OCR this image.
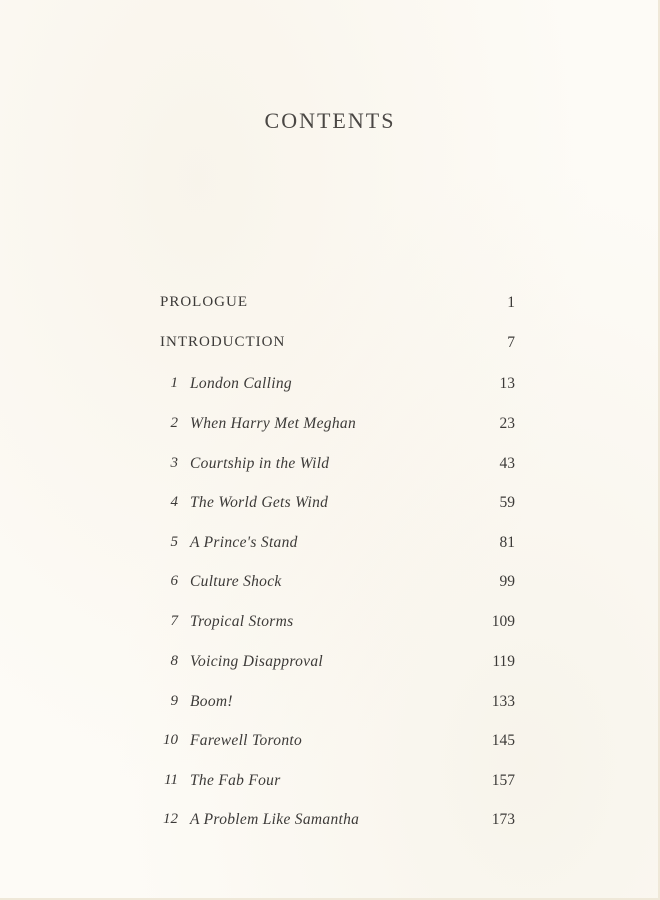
CONTENTS
PROLOGUE	1
INTRODUCTION	7
1 London Calling	13
2 When Harry Met Meghan	23
3 Courtship in the Wild	43
4 The World Gets Wind	59
5 A Prince's Stand	81
6 Culture Shock	99
7 Tropical Storms	109
8 Voicing Disapproval	119
9 Boom!	133
10 Farewell Toronto	145
11 The Fab Four	157
12 A Problem Like Samantha	173
